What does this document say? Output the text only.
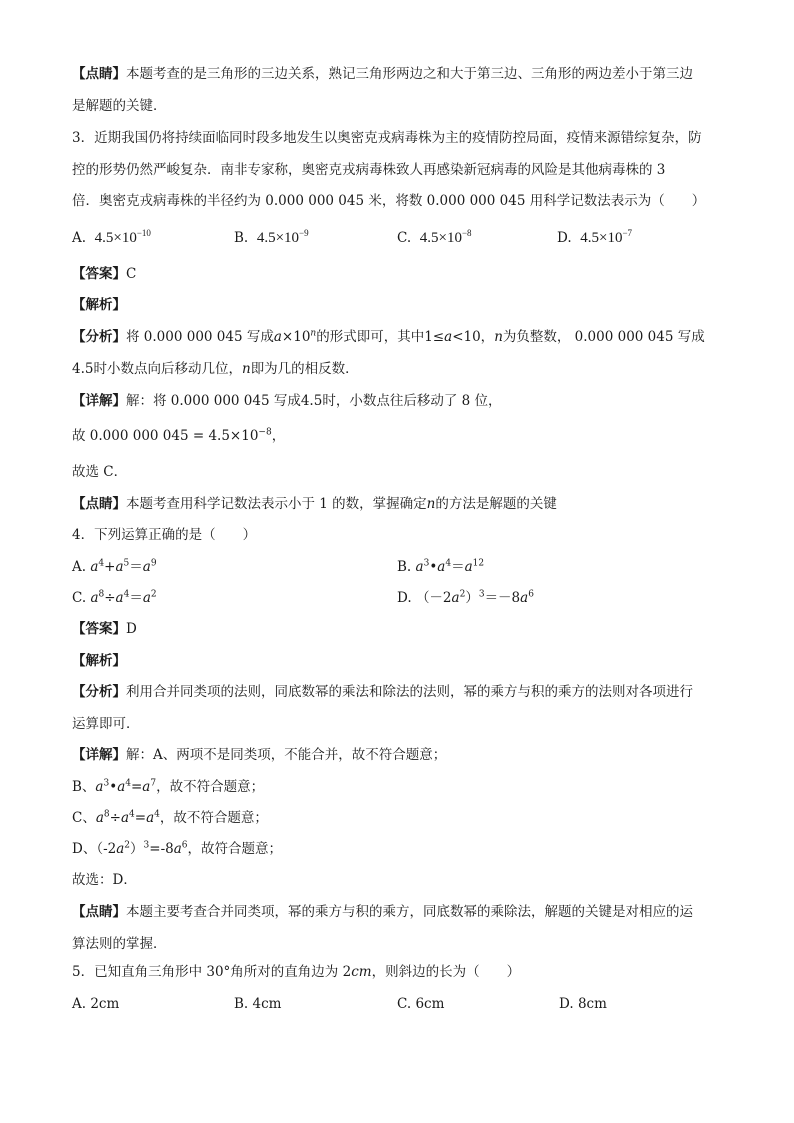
【点睛】本题考查的是三角形的三边关系，熟记三角形两边之和大于第三边、三角形的两边差小于第三边
是解题的关键．
3．近期我国仍将持续面临同时段多地发生以奥密克戎病毒株为主的疫情防控局面，疫情来源错综复杂，防
控的形势仍然严峻复杂．南非专家称，奥密克戎病毒株致人再感染新冠病毒的风险是其他病毒株的 3
倍．奥密克戎病毒株的半径约为 0.000 000 045 米，将数 0.000 000 045 用科学记数法表示为（　　）
A. $4.5\times 10^{-10}$	B. $4.5\times 10^{-9}$	C. $4.5\times 10^{-8}$	D. $4.5\times 10^{-7}$
【答案】C
【解析】
【分析】将 0.000 000 045 写成$a\times 10^n$的形式即可，其中1≤a<10，n为负整数， 0.000 000 045 写成
4.5时小数点向后移动几位，n即为几的相反数．
【详解】解：将 0.000 000 045 写成4.5时，小数点往后移动了 8 位，
故 0.000 000 $045 = 4.5\times 10^{-8}$，
故选 C．
【点睛】本题考查用科学记数法表示小于 1 的数，掌握确定n的方法是解题的关键
4．下列运算正确的是（　　）
A. $a^4+a^5=a^9$	B. $a^3•a^4=a^{12}$
C. $a^8\div a^4=a^2$	D. $(-2a^2)^3=-8a^6$
【答案】D
【解析】
【分析】利用合并同类项的法则，同底数幂的乘法和除法的法则，幂的乘方与积的乘方的法则对各项进行
运算即可．
【详解】解：A、两项不是同类项，不能合并，故不符合题意；
B、$a^3•a^4=a^7$，故不符合题意；
C、$a^8\div a^4=a^4$，故不符合题意；
D、$(-2a^2)^3=-8a^6$，故符合题意；
故选：D．
【点睛】本题主要考查合并同类项，幂的乘方与积的乘方，同底数幂的乘除法，解题的关键是对相应的运
算法则的掌握．
5．已知直角三角形中 30°角所对的直角边为 2cm，则斜边的长为（　　）
A. 2cm	B. 4cm	C. 6cm	D. 8cm
